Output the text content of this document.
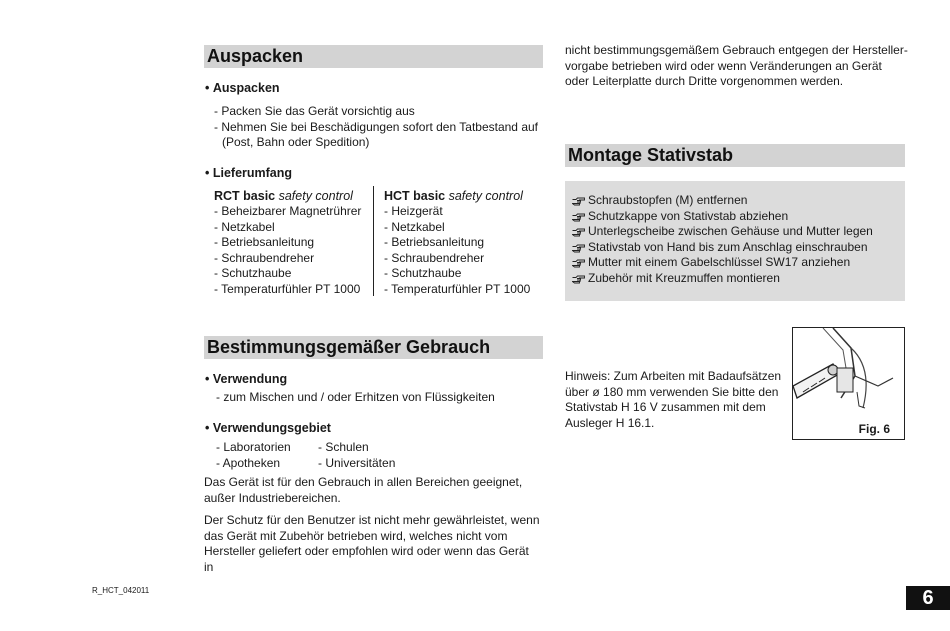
Auspacken
• Auspacken
- Packen Sie das Gerät vorsichtig aus
- Nehmen Sie bei Beschädigungen sofort den Tatbestand auf
(Post, Bahn oder Spedition)
• Lieferumfang
RCT basic safety control
- Beheizbarer Magnetrührer
- Netzkabel
- Betriebsanleitung
- Schraubendreher
- Schutzhaube
- Temperaturfühler PT 1000
HCT basic safety control
- Heizgerät
- Netzkabel
- Betriebsanleitung
- Schraubendreher
- Schutzhaube
- Temperaturfühler PT 1000
Bestimmungsgemäßer Gebrauch
• Verwendung
- zum Mischen und / oder Erhitzen von Flüssigkeiten
• Verwendungsgebiet
- Laboratorien
- Apotheken
- Schulen
- Universitäten
Das Gerät ist für den Gebrauch in allen Bereichen geeignet, außer Industriebereichen.
Der Schutz für den Benutzer ist nicht mehr gewährleistet, wenn das Gerät mit Zubehör betrieben wird, welches nicht vom Hersteller geliefert oder empfohlen wird oder wenn das Gerät in
nicht bestimmungsgemäßem Gebrauch entgegen der Hersteller-vorgabe betrieben wird oder wenn Veränderungen an Gerät oder Leiterplatte durch Dritte vorgenommen werden.
Montage Stativstab
Schraubstopfen (M) entfernen
Schutzkappe von Stativstab abziehen
Unterlegscheibe zwischen Gehäuse und Mutter legen
Stativstab von Hand bis zum Anschlag einschrauben
Mutter mit einem Gabelschlüssel SW17 anziehen
Zubehör mit Kreuzmuffen montieren
Hinweis: Zum Arbeiten mit Badaufsätzen über ø 180 mm verwenden Sie bitte den Stativstab H 16 V zusammen mit dem Ausleger H 16.1.	Fig. 6
R_HCT_042011	6
